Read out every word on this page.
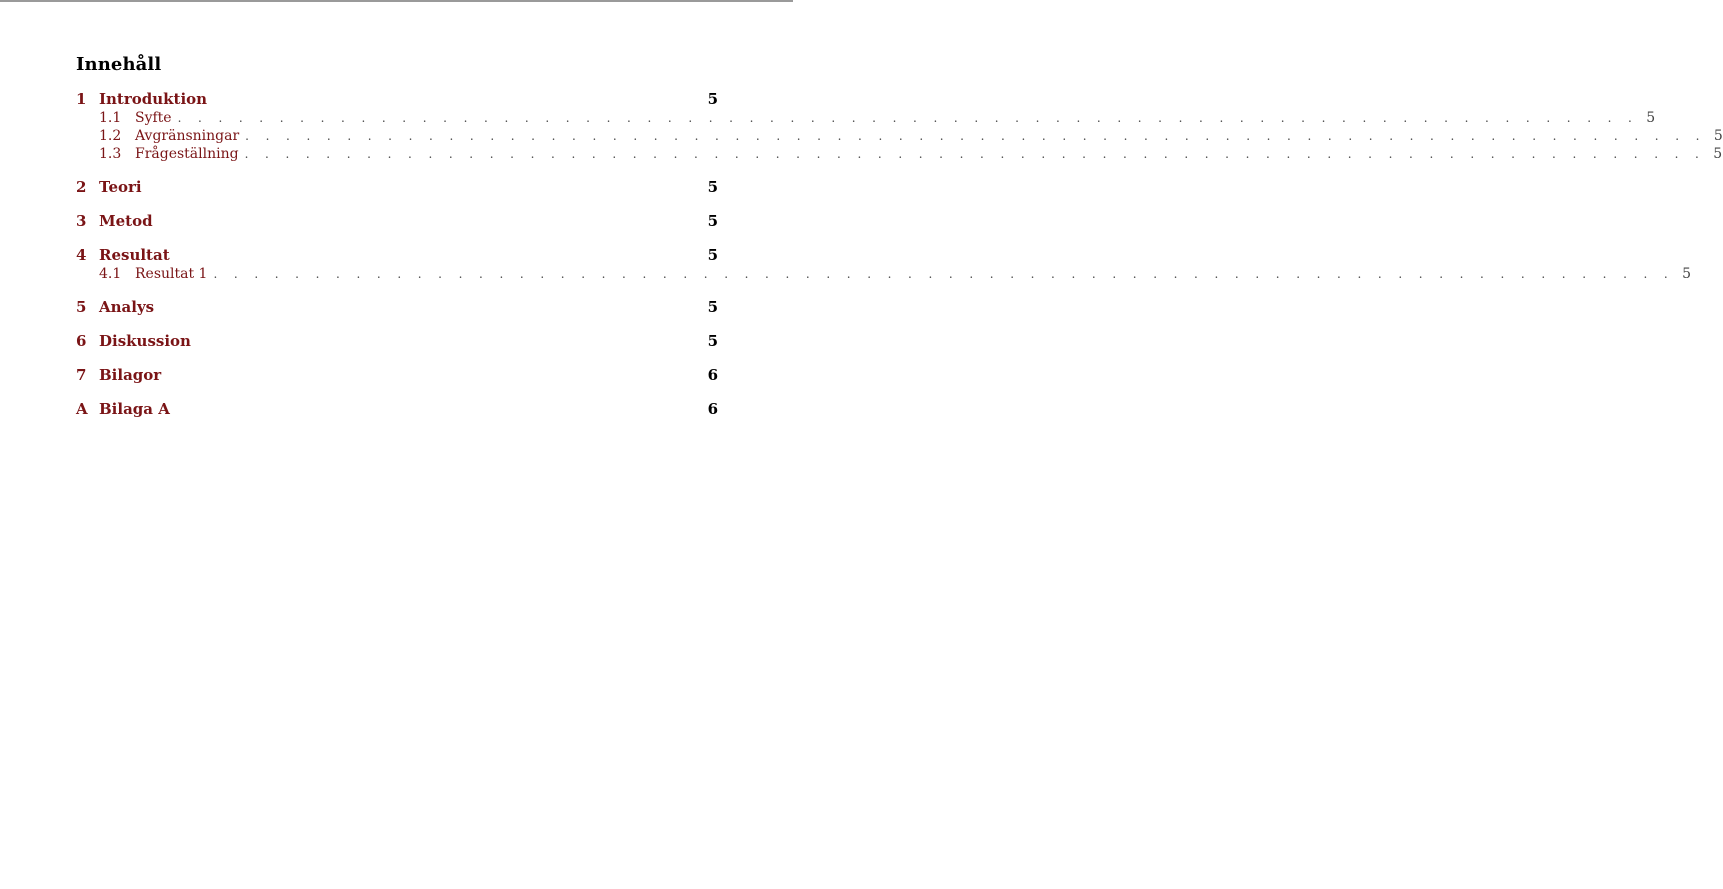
Innehåll
1 Introduktion	5
1.1 Syfte . . . . . . . . . . . . . . . . . . . . . . . . . . . . . . . . . . . . . . . . . . . . . . . . . . . . . . . . . . . . . . . . . . . . . . . . 5
1.2 Avgränsningar . . . . . . . . . . . . . . . . . . . . . . . . . . . . . . . . . . . . . . . . . . . . . . . . . . . . . . . . . . . . . . . . . . . . . . . . 5
1.3 Frågeställning . . . . . . . . . . . . . . . . . . . . . . . . . . . . . . . . . . . . . . . . . . . . . . . . . . . . . . . . . . . . . . . . . . . . . . . . 5
2 Teori	5
3 Metod	5
4 Resultat	5
4.1 Resultat 1 . . . . . . . . . . . . . . . . . . . . . . . . . . . . . . . . . . . . . . . . . . . . . . . . . . . . . . . . . . . . . . . . . . . . . . . . 5
5 Analys	5
6 Diskussion	5
7 Bilagor	6
A Bilaga A	6
